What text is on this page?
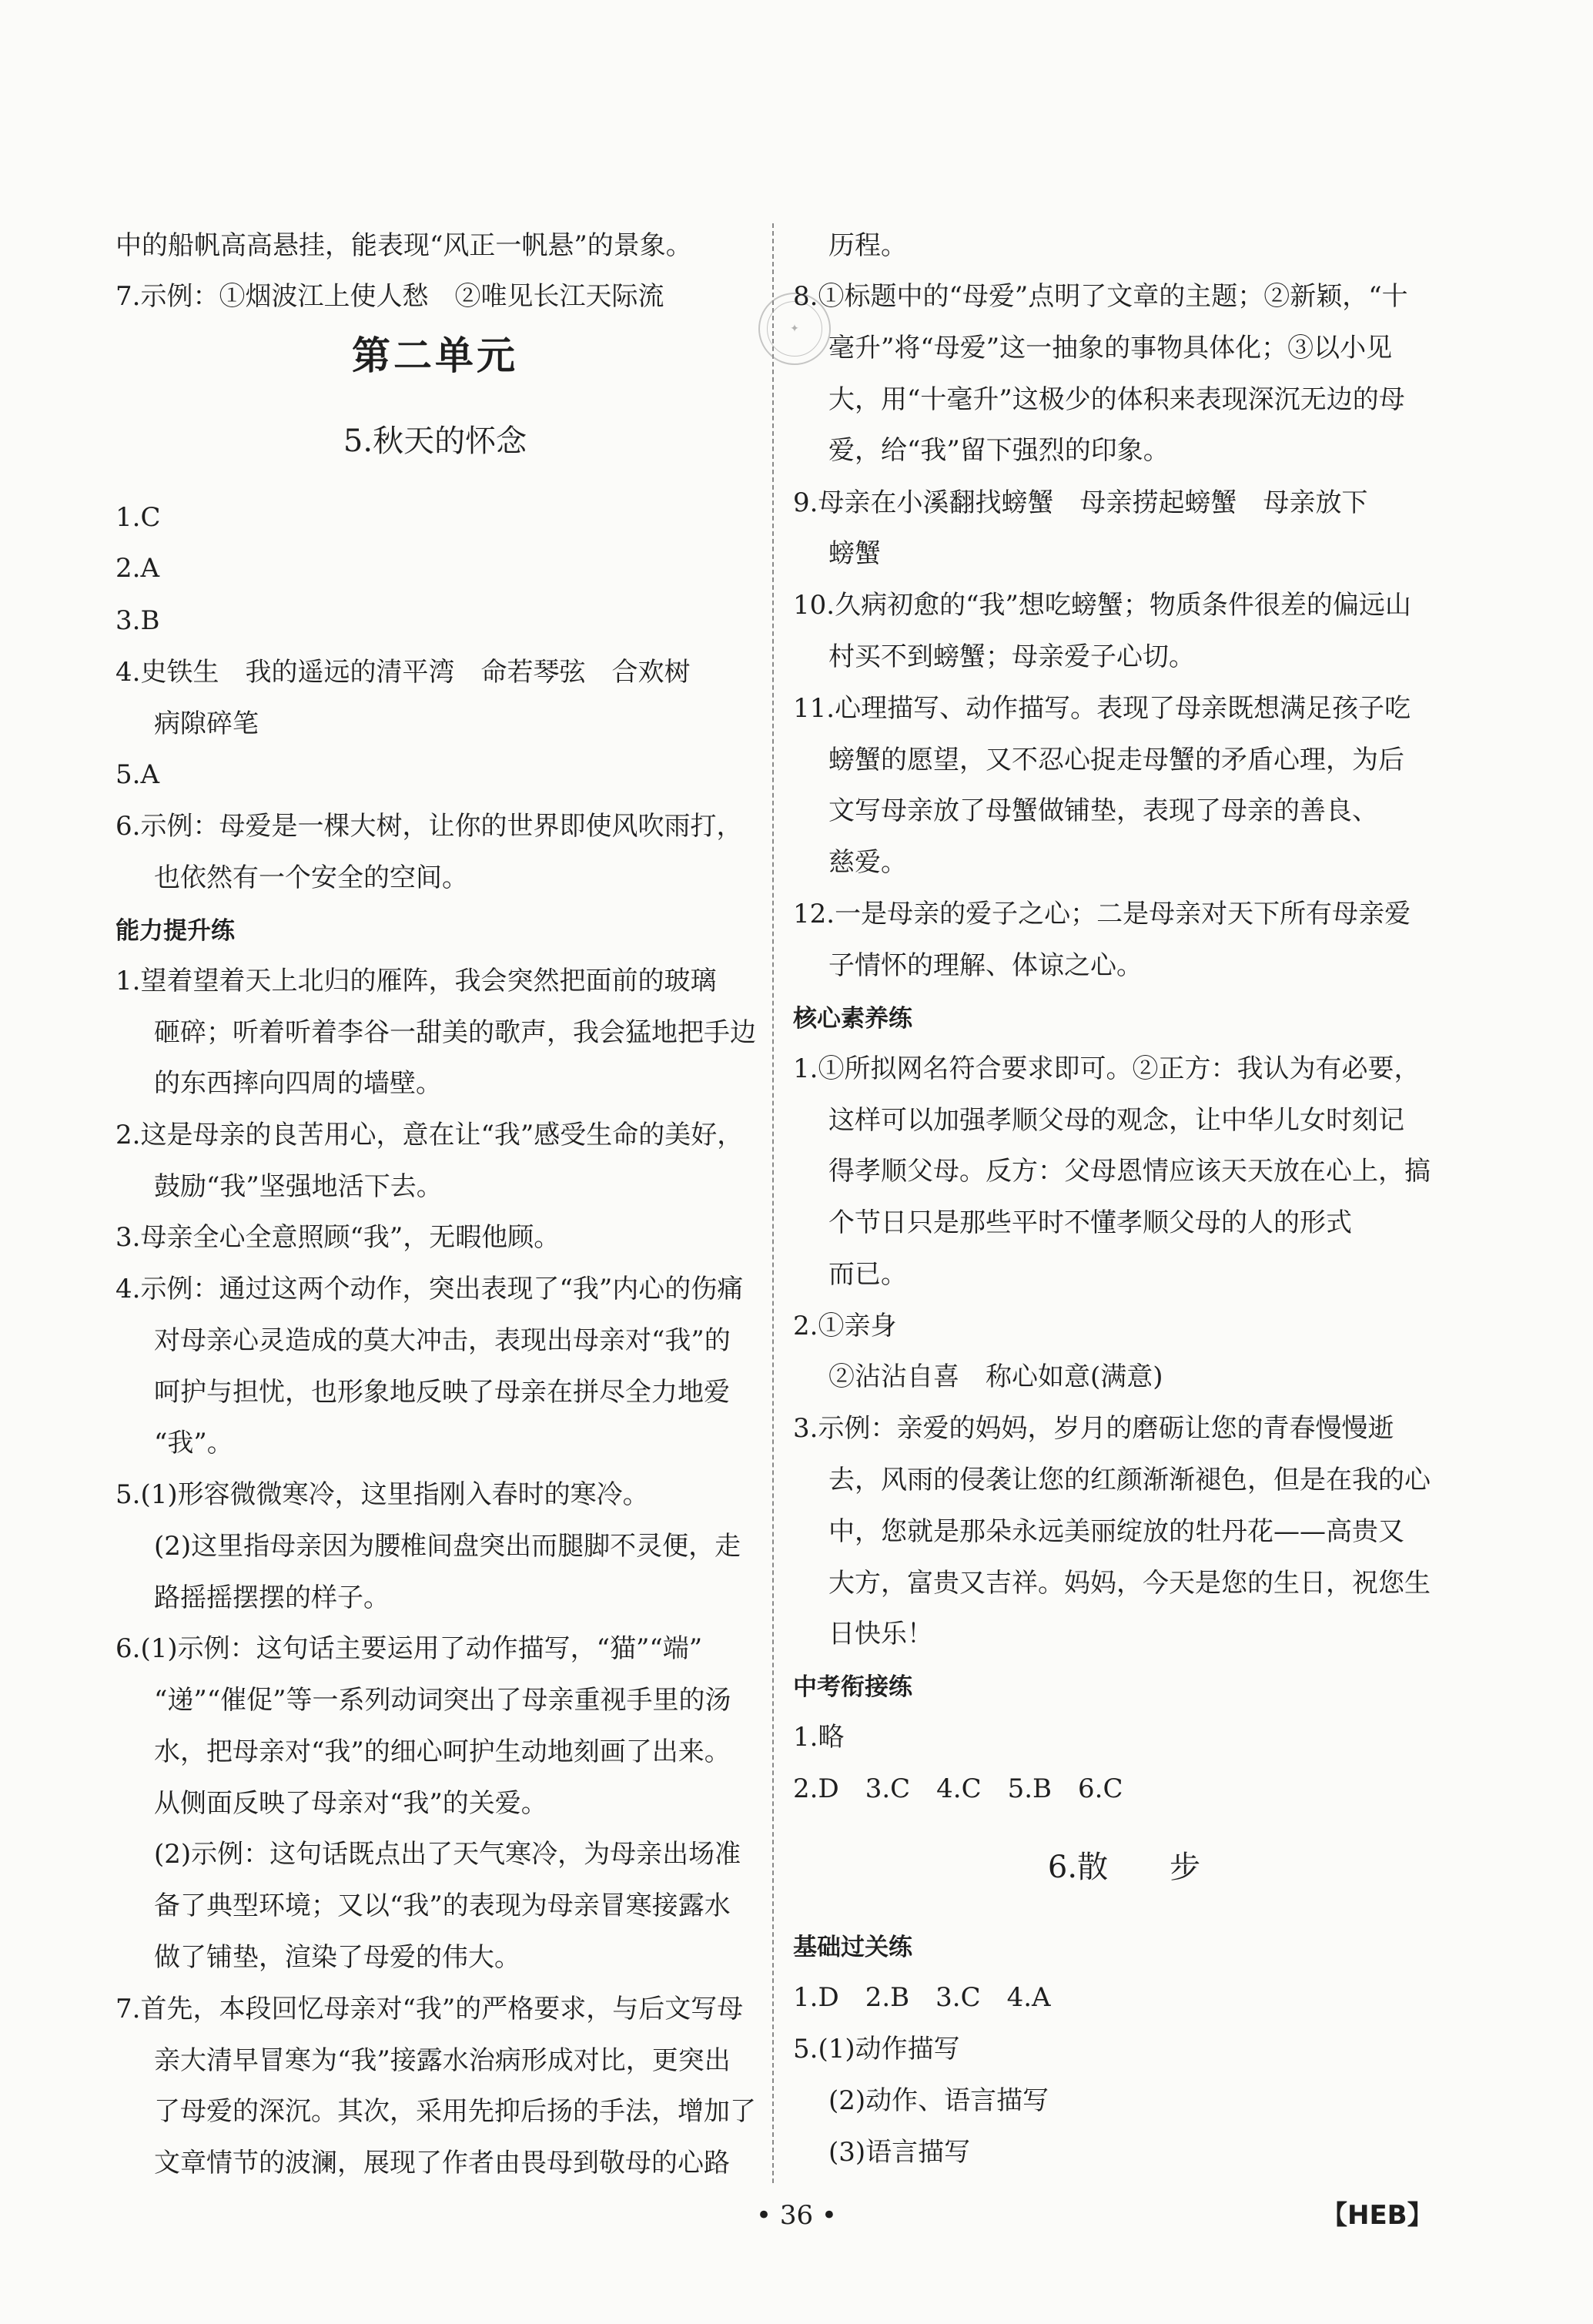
中的船帆高高悬挂，能表现“风正一帆悬”的景象。
7.示例：①烟波江上使人愁　②唯见长江天际流
第二单元
5.秋天的怀念
1.C
2.A
3.B
4.史铁生　我的遥远的清平湾　命若琴弦　合欢树
病隙碎笔
5.A
6.示例：母爱是一棵大树，让你的世界即使风吹雨打，
也依然有一个安全的空间。
能力提升练
1.望着望着天上北归的雁阵，我会突然把面前的玻璃
砸碎；听着听着李谷一甜美的歌声，我会猛地把手边
的东西摔向四周的墙壁。
2.这是母亲的良苦用心，意在让“我”感受生命的美好，
鼓励“我”坚强地活下去。
3.母亲全心全意照顾“我”，无暇他顾。
4.示例：通过这两个动作，突出表现了“我”内心的伤痛
对母亲心灵造成的莫大冲击，表现出母亲对“我”的
呵护与担忧，也形象地反映了母亲在拼尽全力地爱
“我”。
5.(1)形容微微寒冷，这里指刚入春时的寒冷。
(2)这里指母亲因为腰椎间盘突出而腿脚不灵便，走
路摇摇摆摆的样子。
6.(1)示例：这句话主要运用了动作描写，“猫”“端”
“递”“催促”等一系列动词突出了母亲重视手里的汤
水，把母亲对“我”的细心呵护生动地刻画了出来。
从侧面反映了母亲对“我”的关爱。
(2)示例：这句话既点出了天气寒冷，为母亲出场准
备了典型环境；又以“我”的表现为母亲冒寒接露水
做了铺垫，渲染了母爱的伟大。
7.首先，本段回忆母亲对“我”的严格要求，与后文写母
亲大清早冒寒为“我”接露水治病形成对比，更突出
了母爱的深沉。其次，采用先抑后扬的手法，增加了
文章情节的波澜，展现了作者由畏母到敬母的心路
✦
历程。
8.①标题中的“母爱”点明了文章的主题；②新颖，“十
毫升”将“母爱”这一抽象的事物具体化；③以小见
大，用“十毫升”这极少的体积来表现深沉无边的母
爱，给“我”留下强烈的印象。
9.母亲在小溪翻找螃蟹　母亲捞起螃蟹　母亲放下
螃蟹
10.久病初愈的“我”想吃螃蟹；物质条件很差的偏远山
村买不到螃蟹；母亲爱子心切。
11.心理描写、动作描写。表现了母亲既想满足孩子吃
螃蟹的愿望，又不忍心捉走母蟹的矛盾心理，为后
文写母亲放了母蟹做铺垫，表现了母亲的善良、
慈爱。
12.一是母亲的爱子之心；二是母亲对天下所有母亲爱
子情怀的理解、体谅之心。
核心素养练
1.①所拟网名符合要求即可。②正方：我认为有必要，
这样可以加强孝顺父母的观念，让中华儿女时刻记
得孝顺父母。反方：父母恩情应该天天放在心上，搞
个节日只是那些平时不懂孝顺父母的人的形式
而已。
2.①亲身
②沾沾自喜　称心如意(满意)
3.示例：亲爱的妈妈，岁月的磨砺让您的青春慢慢逝
去，风雨的侵袭让您的红颜渐渐褪色，但是在我的心
中，您就是那朵永远美丽绽放的牡丹花——高贵又
大方，富贵又吉祥。妈妈，今天是您的生日，祝您生
日快乐！
中考衔接练
1.略
2.D　3.C　4.C　5.B　6.C
6.散　　步
基础过关练
1.D　2.B　3.C　4.A
5.(1)动作描写
(2)动作、语言描写
(3)语言描写
• 36 •	【HEB】
